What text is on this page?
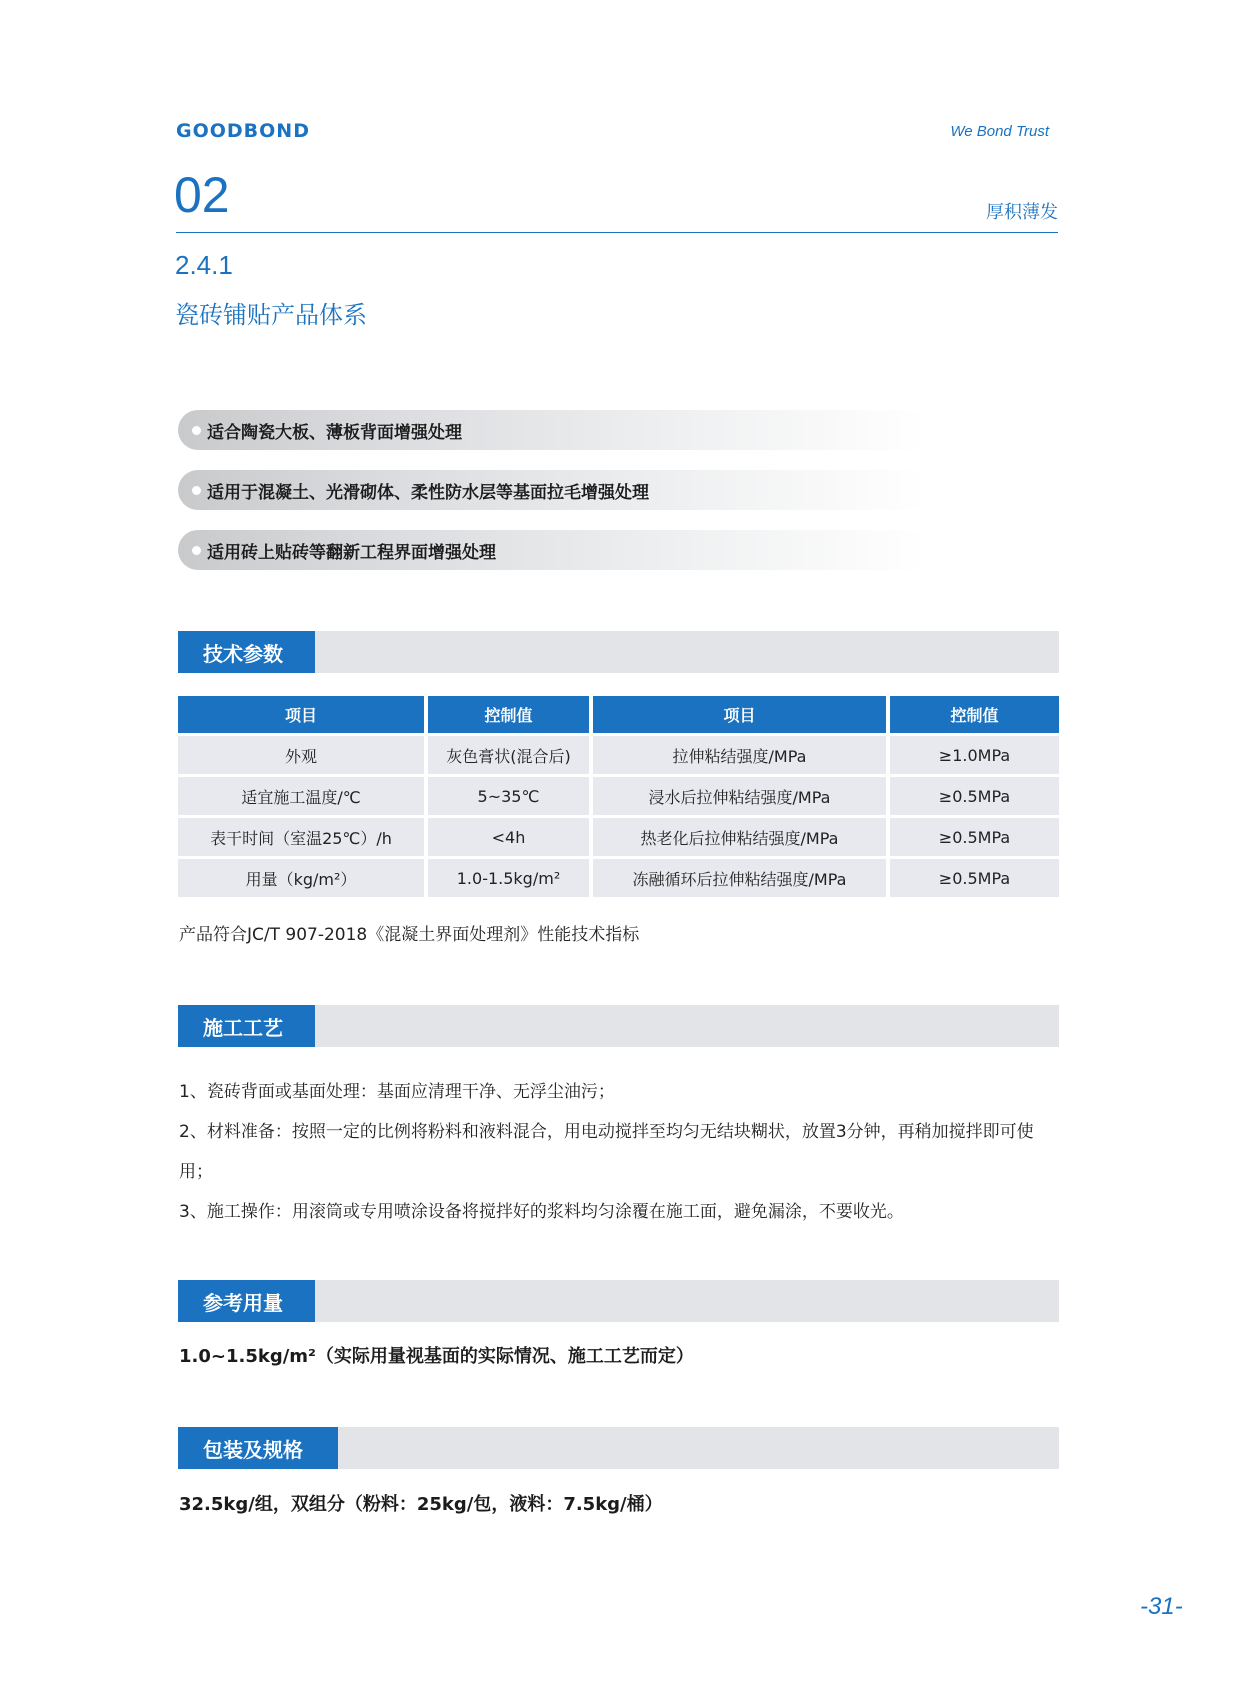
GOODBOND	We Bond Trust
02	厚积薄发
2.4.1
瓷砖铺贴产品体系
适合陶瓷大板、薄板背面增强处理
适用于混凝土、光滑砌体、柔性防水层等基面拉毛增强处理
适用砖上贴砖等翻新工程界面增强处理
技术参数
项目	控制值	项目	控制值
外观	灰色膏状(混合后)	拉伸粘结强度/MPa	≥1.0MPa
适宜施工温度/℃	5~35℃	浸水后拉伸粘结强度/MPa	≥0.5MPa
表干时间（室温25℃）/h	<4h	热老化后拉伸粘结强度/MPa	≥0.5MPa
用量（kg/m²）	1.0-1.5kg/m²	冻融循环后拉伸粘结强度/MPa	≥0.5MPa
产品符合JC/T 907-2018《混凝土界面处理剂》性能技术指标
施工工艺

1、瓷砖背面或基面处理：基面应清理干净、无浮尘油污；

2、材料准备：按照一定的比例将粉料和液料混合，用电动搅拌至均匀无结块糊状，放置3分钟，再稍加搅拌即可使用；

3、施工操作：用滚筒或专用喷涂设备将搅拌好的浆料均匀涂覆在施工面，避免漏涂，不要收光。

参考用量
1.0~1.5kg/m²（实际用量视基面的实际情况、施工工艺而定）
包装及规格
32.5kg/组，双组分（粉料：25kg/包，液料：7.5kg/桶）
-31-
